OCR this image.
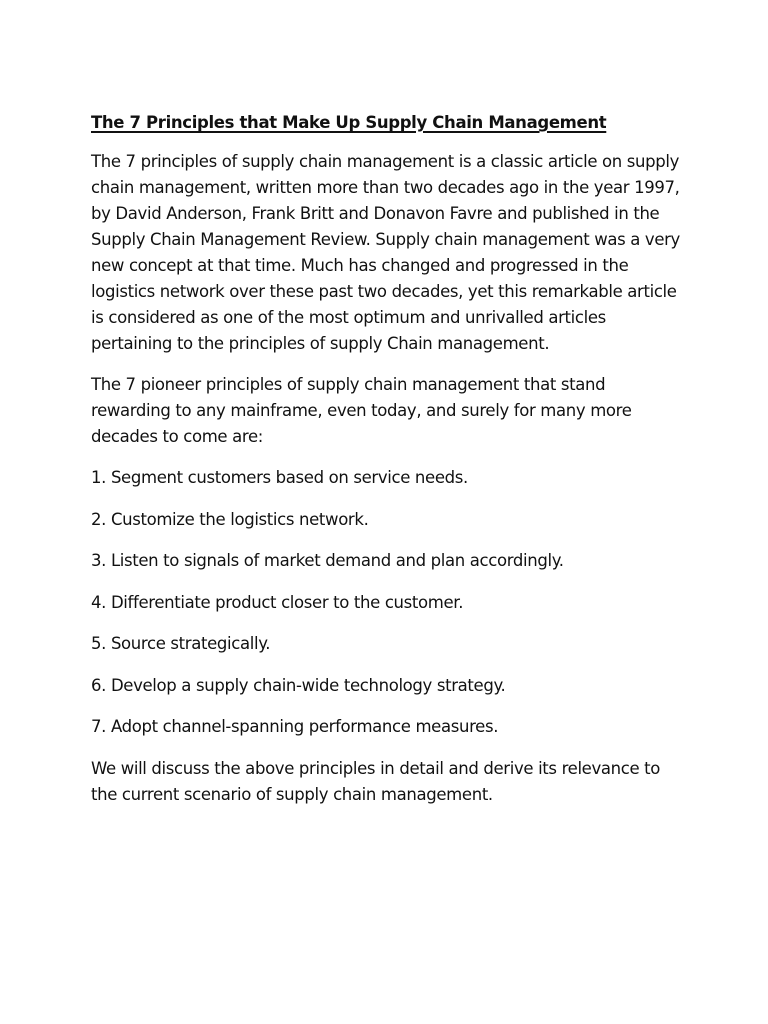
The 7 Principles that Make Up Supply Chain Management

The 7 principles of supply chain management is a classic article on supply chain management, written more than two decades ago in the year 1997, by David Anderson, Frank Britt and Donavon Favre and published in the Supply Chain Management Review. Supply chain management was a very new concept at that time. Much has changed and progressed in the logistics network over these past two decades, yet this remarkable article is considered as one of the most optimum and unrivalled articles pertaining to the principles of supply Chain management.

The 7 pioneer principles of supply chain management that stand rewarding to any mainframe, even today, and surely for many more decades to come are:

1. Segment customers based on service needs.
2. Customize the logistics network.
3. Listen to signals of market demand and plan accordingly.
4. Differentiate product closer to the customer.
5. Source strategically.
6. Develop a supply chain-wide technology strategy.
7. Adopt channel-spanning performance measures.

We will discuss the above principles in detail and derive its relevance to the current scenario of supply chain management.
